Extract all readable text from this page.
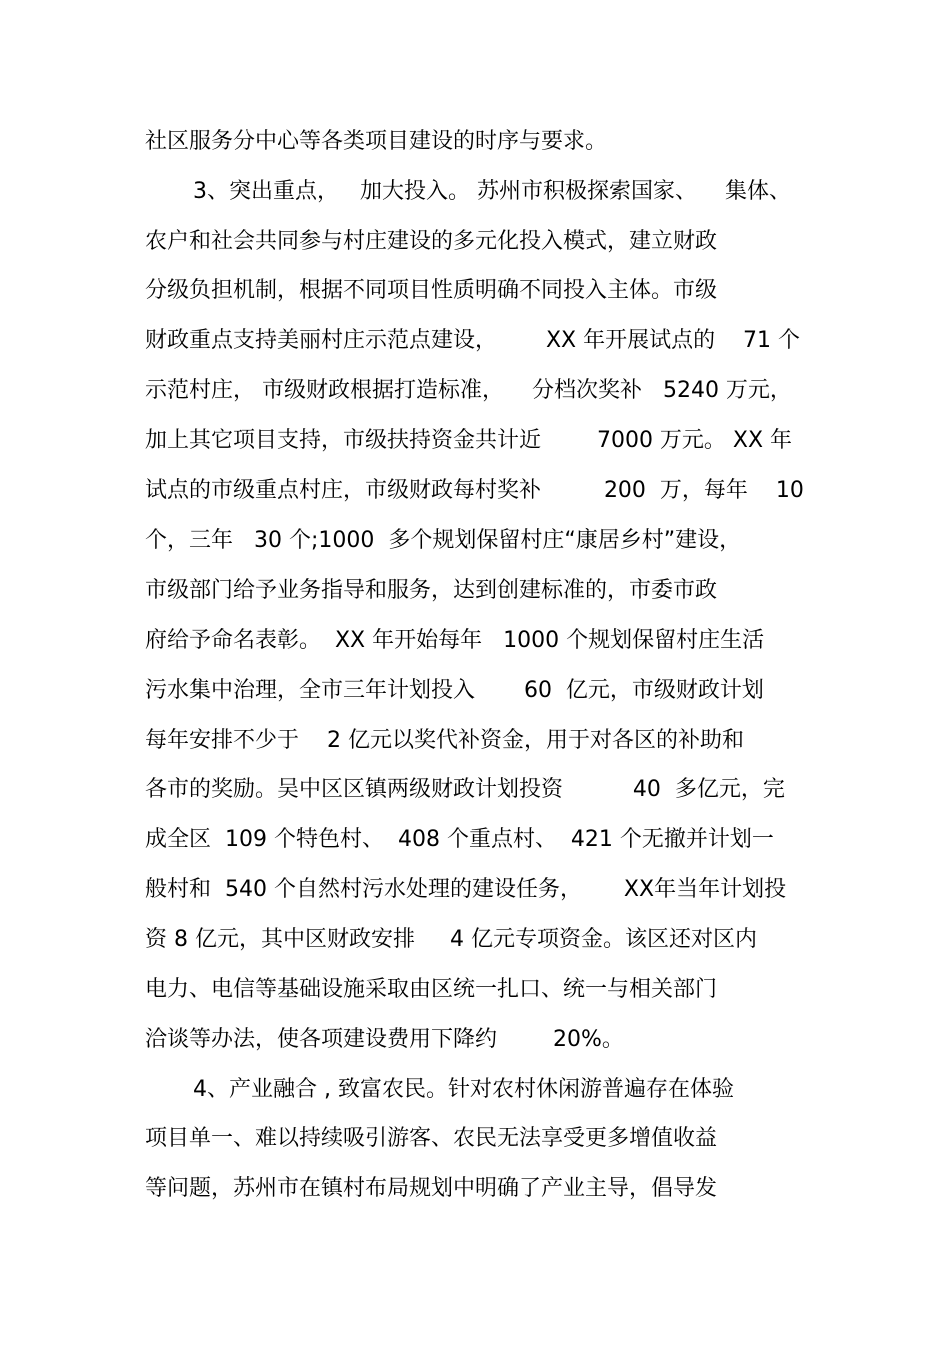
社区服务分中心等各类项目建设的时序与要求。
3、突出重点，   加大投入。 苏州市积极探索国家、    集体、
农户和社会共同参与村庄建设的多元化投入模式，建立财政
分级负担机制，根据不同项目性质明确不同投入主体。市级
财政重点支持美丽村庄示范点建设，       XX 年开展试点的    71 个
示范村庄， 市级财政根据打造标准，    分档次奖补   5240 万元，
加上其它项目支持，市级扶持资金共计近        7000 万元。 XX 年
试点的市级重点村庄，市级财政每村奖补         200  万，每年    10
个，三年   30 个;1000  多个规划保留村庄“康居乡村”建设，
市级部门给予业务指导和服务，达到创建标准的，市委市政
府给予命名表彰。  XX 年开始每年   1000 个规划保留村庄生活
污水集中治理，全市三年计划投入       60  亿元，市级财政计划
每年安排不少于    2 亿元以奖代补资金，用于对各区的补助和
各市的奖励。吴中区区镇两级财政计划投资          40  多亿元，完
成全区  109 个特色村、  408 个重点村、  421 个无撤并计划一
般村和  540 个自然村污水处理的建设任务，      XX年当年计划投
资 8 亿元，其中区财政安排     4 亿元专项资金。该区还对区内
电力、电信等基础设施采取由区统一扎口、统一与相关部门
洽谈等办法，使各项建设费用下降约        20%。
4、产业融合 , 致富农民。针对农村休闲游普遍存在体验
项目单一、难以持续吸引游客、农民无法享受更多增值收益
等问题，苏州市在镇村布局规划中明确了产业主导，倡导发
